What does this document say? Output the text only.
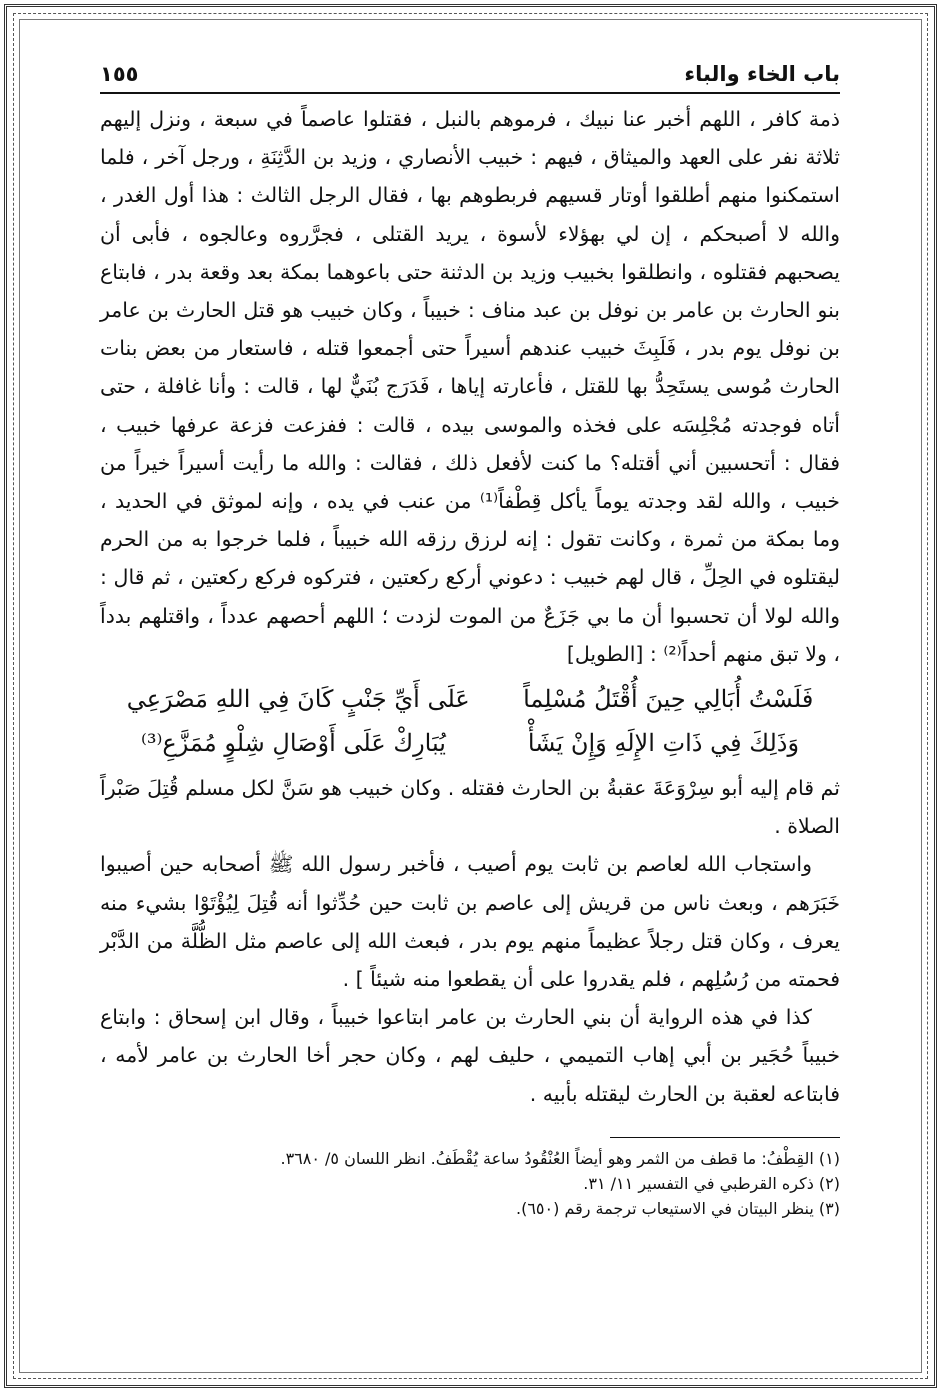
باب الخاء والباء
١٥٥

ذمة كافر ، اللهم أخبر عنا نبيك ، فرموهم بالنبل ، فقتلوا عاصماً في سبعة ، ونزل إليهم ثلاثة نفر على العهد والميثاق ، فيهم : خبيب الأنصاري ، وزيد بن الدَّثِنَةِ ، ورجل آخر ، فلما استمكنوا منهم أطلقوا أوتار قسيهم فربطوهم بها ، فقال الرجل الثالث : هذا أول الغدر ، والله لا أصبحكم ، إن لي بهؤلاء لأسوة ، يريد القتلى ، فجرَّروه وعالجوه ، فأبى أن يصحبهم فقتلوه ، وانطلقوا بخبيب وزيد بن الدثنة حتى باعوهما بمكة بعد وقعة بدر ، فابتاع بنو الحارث بن عامر بن نوفل بن عبد مناف : خبيباً ، وكان خبيب هو قتل الحارث بن عامر بن نوفل يوم بدر ، فَلَبِثَ خبيب عندهم أسيراً حتى أجمعوا قتله ، فاستعار من بعض بنات الحارث مُوسى يستَحِدُّ بها للقتل ، فأعارته إياها ، فَدَرَج بُنَيٌّ لها ، قالت : وأنا غافلة ، حتى أتاه فوجدته مُجْلِسَه على فخذه والموسى بيده ، قالت : ففزعت فزعة عرفها خبيب ، فقال : أتحسبين أني أقتله؟ ما كنت لأفعل ذلك ، فقالت : والله ما رأيت أسيراً خيراً من خبيب ، والله لقد وجدته يوماً يأكل قِطْفاً⁽¹⁾ من عنب في يده ، وإنه لموثق في الحديد ، وما بمكة من ثمرة ، وكانت تقول : إنه لرزق رزقه الله خبيباً ، فلما خرجوا به من الحرم ليقتلوه في الحِلِّ ، قال لهم خبيب : دعوني أركع ركعتين ، فتركوه فركع ركعتين ، ثم قال : والله لولا أن تحسبوا أن ما بي جَزَعٌ من الموت لزدت ؛ اللهم أحصهم عدداً ، واقتلهم بدداً ، ولا تبق منهم أحداً⁽²⁾ : [الطويل]

فَلَسْتُ أُبَالِي حِينَ أُقْتَلُ مُسْلِماً
عَلَى أَيِّ جَنْبٍ كَانَ فِي اللهِ مَصْرَعِي
وَذَلِكَ فِي ذَاتِ الإِلَهِ وَإِنْ يَشَأْ
يُبَارِكْ عَلَى أَوْصَالِ شِلْوٍ مُمَزَّعِ⁽³⁾

ثم قام إليه أبو سِرْوَعَةَ عقبةُ بن الحارث فقتله . وكان خبيب هو سَنَّ لكل مسلم قُتِلَ صَبْراً الصلاة .

واستجاب الله لعاصم بن ثابت يوم أصيب ، فأخبر رسول الله ﷺ أصحابه حين أصيبوا خَبَرَهم ، وبعث ناس من قريش إلى عاصم بن ثابت حين حُدِّثوا أنه قُتِلَ لِيُؤْتَوْا بشيء منه يعرف ، وكان قتل رجلاً عظيماً منهم يوم بدر ، فبعث الله إلى عاصم مثل الظُّلَّة من الدَّبْر فحمته من رُسُلِهم ، فلم يقدروا على أن يقطعوا منه شيئاً ] .

كذا في هذه الرواية أن بني الحارث بن عامر ابتاعوا خبيباً ، وقال ابن إسحاق : وابتاع خبيباً حُجَير بن أبي إهاب التميمي ، حليف لهم ، وكان حجر أخا الحارث بن عامر لأمه ، فابتاعه لعقبة بن الحارث ليقتله بأبيه .

(١) القِطْفُ: ما قطف من الثمر وهو أيضاً العُنْقُودُ ساعة يُقْطَفُ. انظر اللسان ٥/ ٣٦٨٠.

(٢) ذكره القرطبي في التفسير ١١/ ٣١.

(٣) ينظر البيتان في الاستيعاب ترجمة رقم (٦٥٠).
